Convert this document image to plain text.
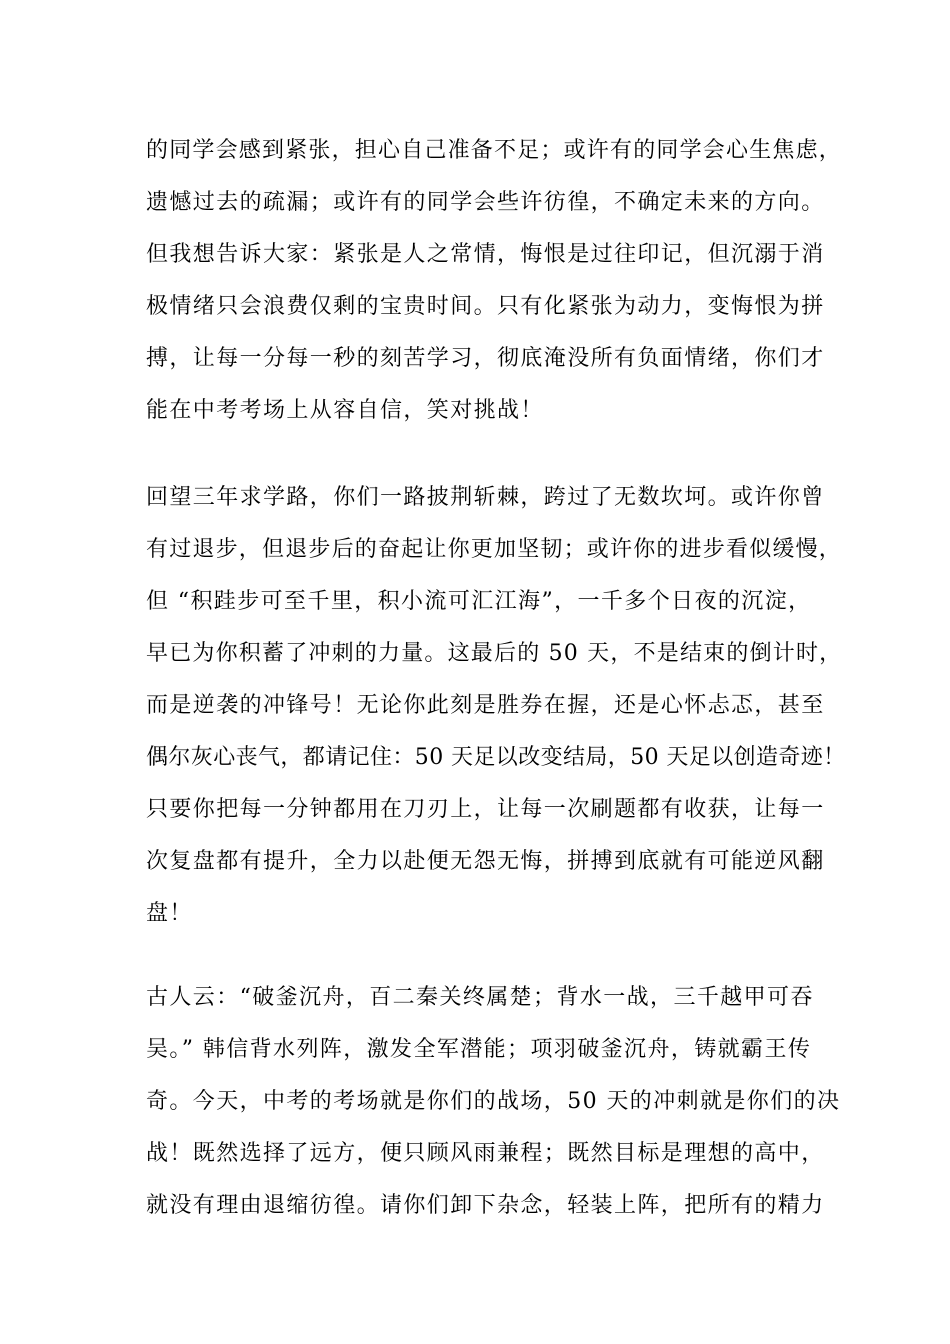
的同学会感到紧张，担心自己准备不足；或许有的同学会心生焦虑，
遗憾过去的疏漏；或许有的同学会些许彷徨，不确定未来的方向。
但我想告诉大家：紧张是人之常情，悔恨是过往印记，但沉溺于消
极情绪只会浪费仅剩的宝贵时间。只有化紧张为动力，变悔恨为拼
搏，让每一分每一秒的刻苦学习，彻底淹没所有负面情绪，你们才
能在中考考场上从容自信，笑对挑战！
回望三年求学路，你们一路披荆斩棘，跨过了无数坎坷。或许你曾
有过退步，但退步后的奋起让你更加坚韧；或许你的进步看似缓慢，
但 “积跬步可至千里，积小流可汇江海”，一千多个日夜的沉淀，
早已为你积蓄了冲刺的力量。这最后的 50 天，不是结束的倒计时，
而是逆袭的冲锋号！无论你此刻是胜券在握，还是心怀忐忑，甚至
偶尔灰心丧气，都请记住：50 天足以改变结局，50 天足以创造奇迹！
只要你把每一分钟都用在刀刃上，让每一次刷题都有收获，让每一
次复盘都有提升，全力以赴便无怨无悔，拼搏到底就有可能逆风翻
盘！
古人云：“破釜沉舟，百二秦关终属楚；背水一战，三千越甲可吞
吴。” 韩信背水列阵，激发全军潜能；项羽破釜沉舟，铸就霸王传
奇。今天，中考的考场就是你们的战场，50 天的冲刺就是你们的决
战！既然选择了远方，便只顾风雨兼程；既然目标是理想的高中，
就没有理由退缩彷徨。请你们卸下杂念，轻装上阵，把所有的精力
